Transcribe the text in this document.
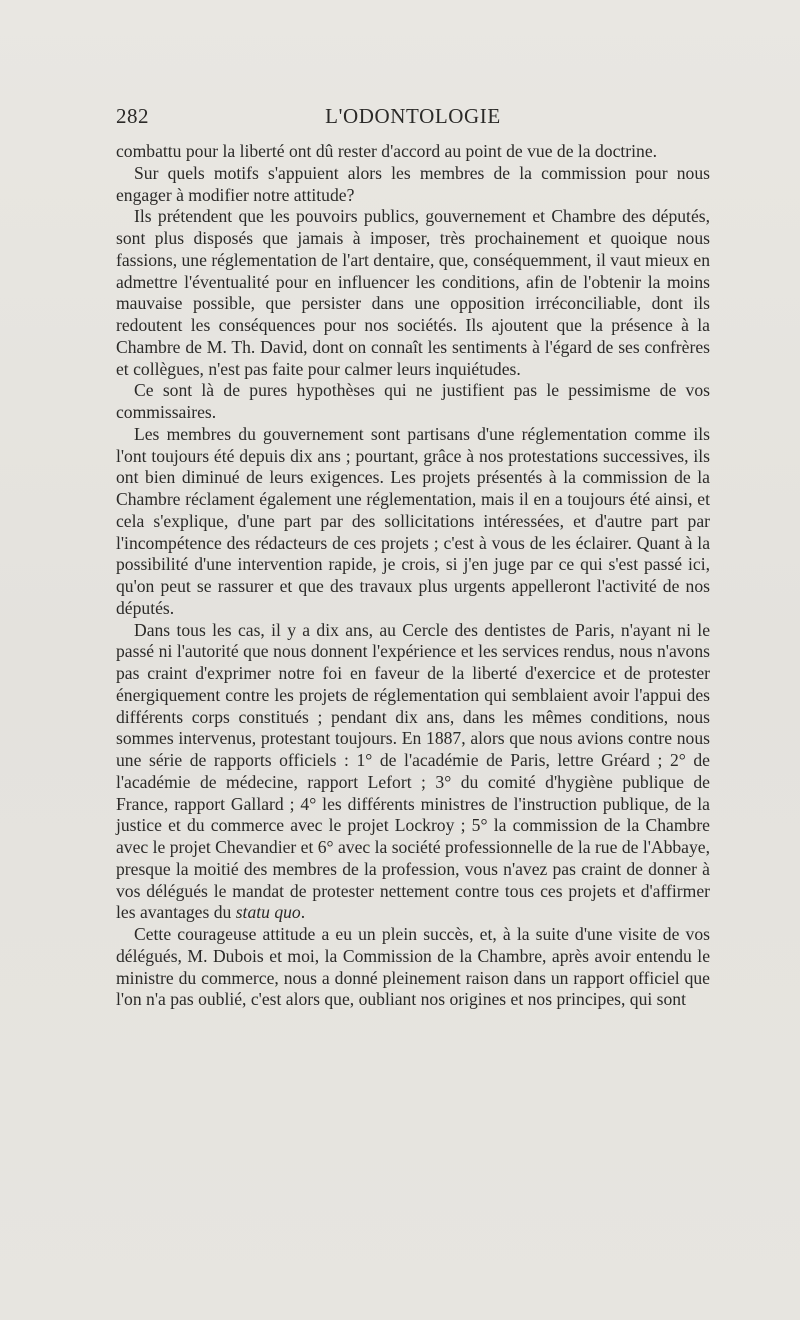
282	L'ODONTOLOGIE

combattu pour la liberté ont dû rester d'accord au point de vue de la doctrine.

Sur quels motifs s'appuient alors les membres de la commission pour nous engager à modifier notre attitude?

Ils prétendent que les pouvoirs publics, gouvernement et Chambre des députés, sont plus disposés que jamais à imposer, très prochainement et quoique nous fassions, une réglementation de l'art dentaire, que, conséquemment, il vaut mieux en admettre l'éventualité pour en influencer les conditions, afin de l'obtenir la moins mauvaise possible, que persister dans une opposition irréconciliable, dont ils redoutent les conséquences pour nos sociétés. Ils ajoutent que la présence à la Chambre de M. Th. David, dont on connaît les sentiments à l'égard de ses confrères et collègues, n'est pas faite pour calmer leurs inquiétudes.

Ce sont là de pures hypothèses qui ne justifient pas le pessimisme de vos commissaires.

Les membres du gouvernement sont partisans d'une réglementation comme ils l'ont toujours été depuis dix ans ; pourtant, grâce à nos protestations successives, ils ont bien diminué de leurs exigences. Les projets présentés à la commission de la Chambre réclament également une réglementation, mais il en a toujours été ainsi, et cela s'explique, d'une part par des sollicitations intéressées, et d'autre part par l'incompétence des rédacteurs de ces projets ; c'est à vous de les éclairer. Quant à la possibilité d'une intervention rapide, je crois, si j'en juge par ce qui s'est passé ici, qu'on peut se rassurer et que des travaux plus urgents appelleront l'activité de nos députés.

Dans tous les cas, il y a dix ans, au Cercle des dentistes de Paris, n'ayant ni le passé ni l'autorité que nous donnent l'expérience et les services rendus, nous n'avons pas craint d'exprimer notre foi en faveur de la liberté d'exercice et de protester énergiquement contre les projets de réglementation qui semblaient avoir l'appui des différents corps constitués ; pendant dix ans, dans les mêmes conditions, nous sommes intervenus, protestant toujours. En 1887, alors que nous avions contre nous une série de rapports officiels : 1° de l'académie de Paris, lettre Gréard ; 2° de l'académie de médecine, rapport Lefort ; 3° du comité d'hygiène publique de France, rapport Gallard ; 4° les différents ministres de l'instruction publique, de la justice et du commerce avec le projet Lockroy ; 5° la commission de la Chambre avec le projet Chevandier et 6° avec la société professionnelle de la rue de l'Abbaye, presque la moitié des membres de la profession, vous n'avez pas craint de donner à vos délégués le mandat de protester nettement contre tous ces projets et d'affirmer les avantages du statu quo.

Cette courageuse attitude a eu un plein succès, et, à la suite d'une visite de vos délégués, M. Dubois et moi, la Commission de la Chambre, après avoir entendu le ministre du commerce, nous a donné pleinement raison dans un rapport officiel que l'on n'a pas oublié, c'est alors que, oubliant nos origines et nos principes, qui sont
